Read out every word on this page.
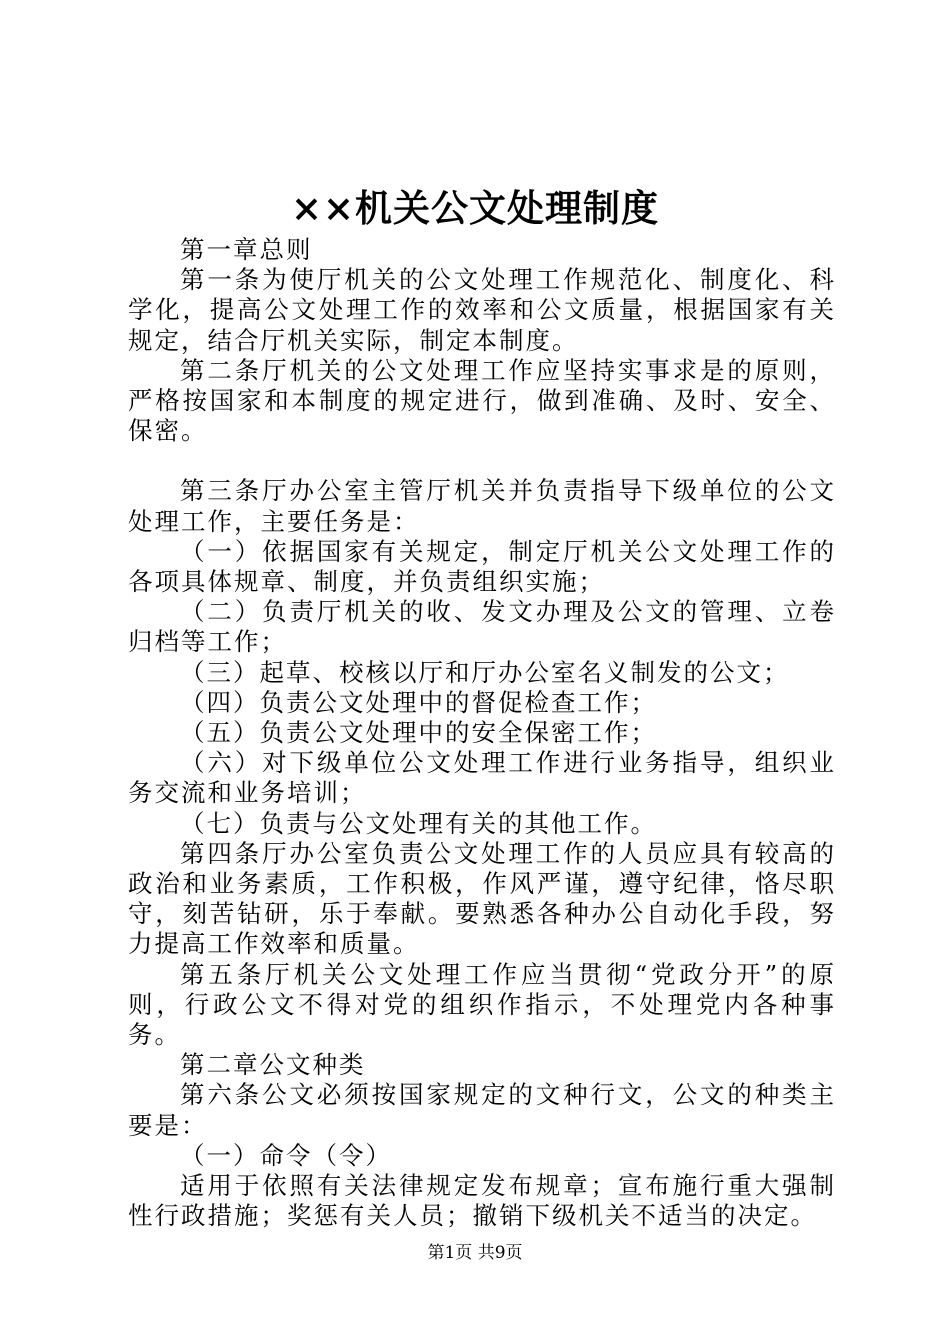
××机关公文处理制度

第一章总则

第一条为使厅机关的公文处理工作规范化、制度化、科学化，提高公文处理工作的效率和公文质量，根据国家有关规定，结合厅机关实际，制定本制度。

第二条厅机关的公文处理工作应坚持实事求是的原则，严格按国家和本制度的规定进行，做到准确、及时、安全、保密。

第三条厅办公室主管厅机关并负责指导下级单位的公文处理工作，主要任务是：

（一）依据国家有关规定，制定厅机关公文处理工作的各项具体规章、制度，并负责组织实施；

（二）负责厅机关的收、发文办理及公文的管理、立卷归档等工作；

（三）起草、校核以厅和厅办公室名义制发的公文；

（四）负责公文处理中的督促检查工作；

（五）负责公文处理中的安全保密工作；

（六）对下级单位公文处理工作进行业务指导，组织业务交流和业务培训；

（七）负责与公文处理有关的其他工作。

第四条厅办公室负责公文处理工作的人员应具有较高的政治和业务素质，工作积极，作风严谨，遵守纪律，恪尽职守，刻苦钻研，乐于奉献。要熟悉各种办公自动化手段，努力提高工作效率和质量。

第五条厅机关公文处理工作应当贯彻“党政分开”的原则，行政公文不得对党的组织作指示，不处理党内各种事务。

第二章公文种类

第六条公文必须按国家规定的文种行文，公文的种类主要是：

（一）命令（令）

适用于依照有关法律规定发布规章；宣布施行重大强制性行政措施；奖惩有关人员；撤销下级机关不适当的决定。

第1页 共9页
